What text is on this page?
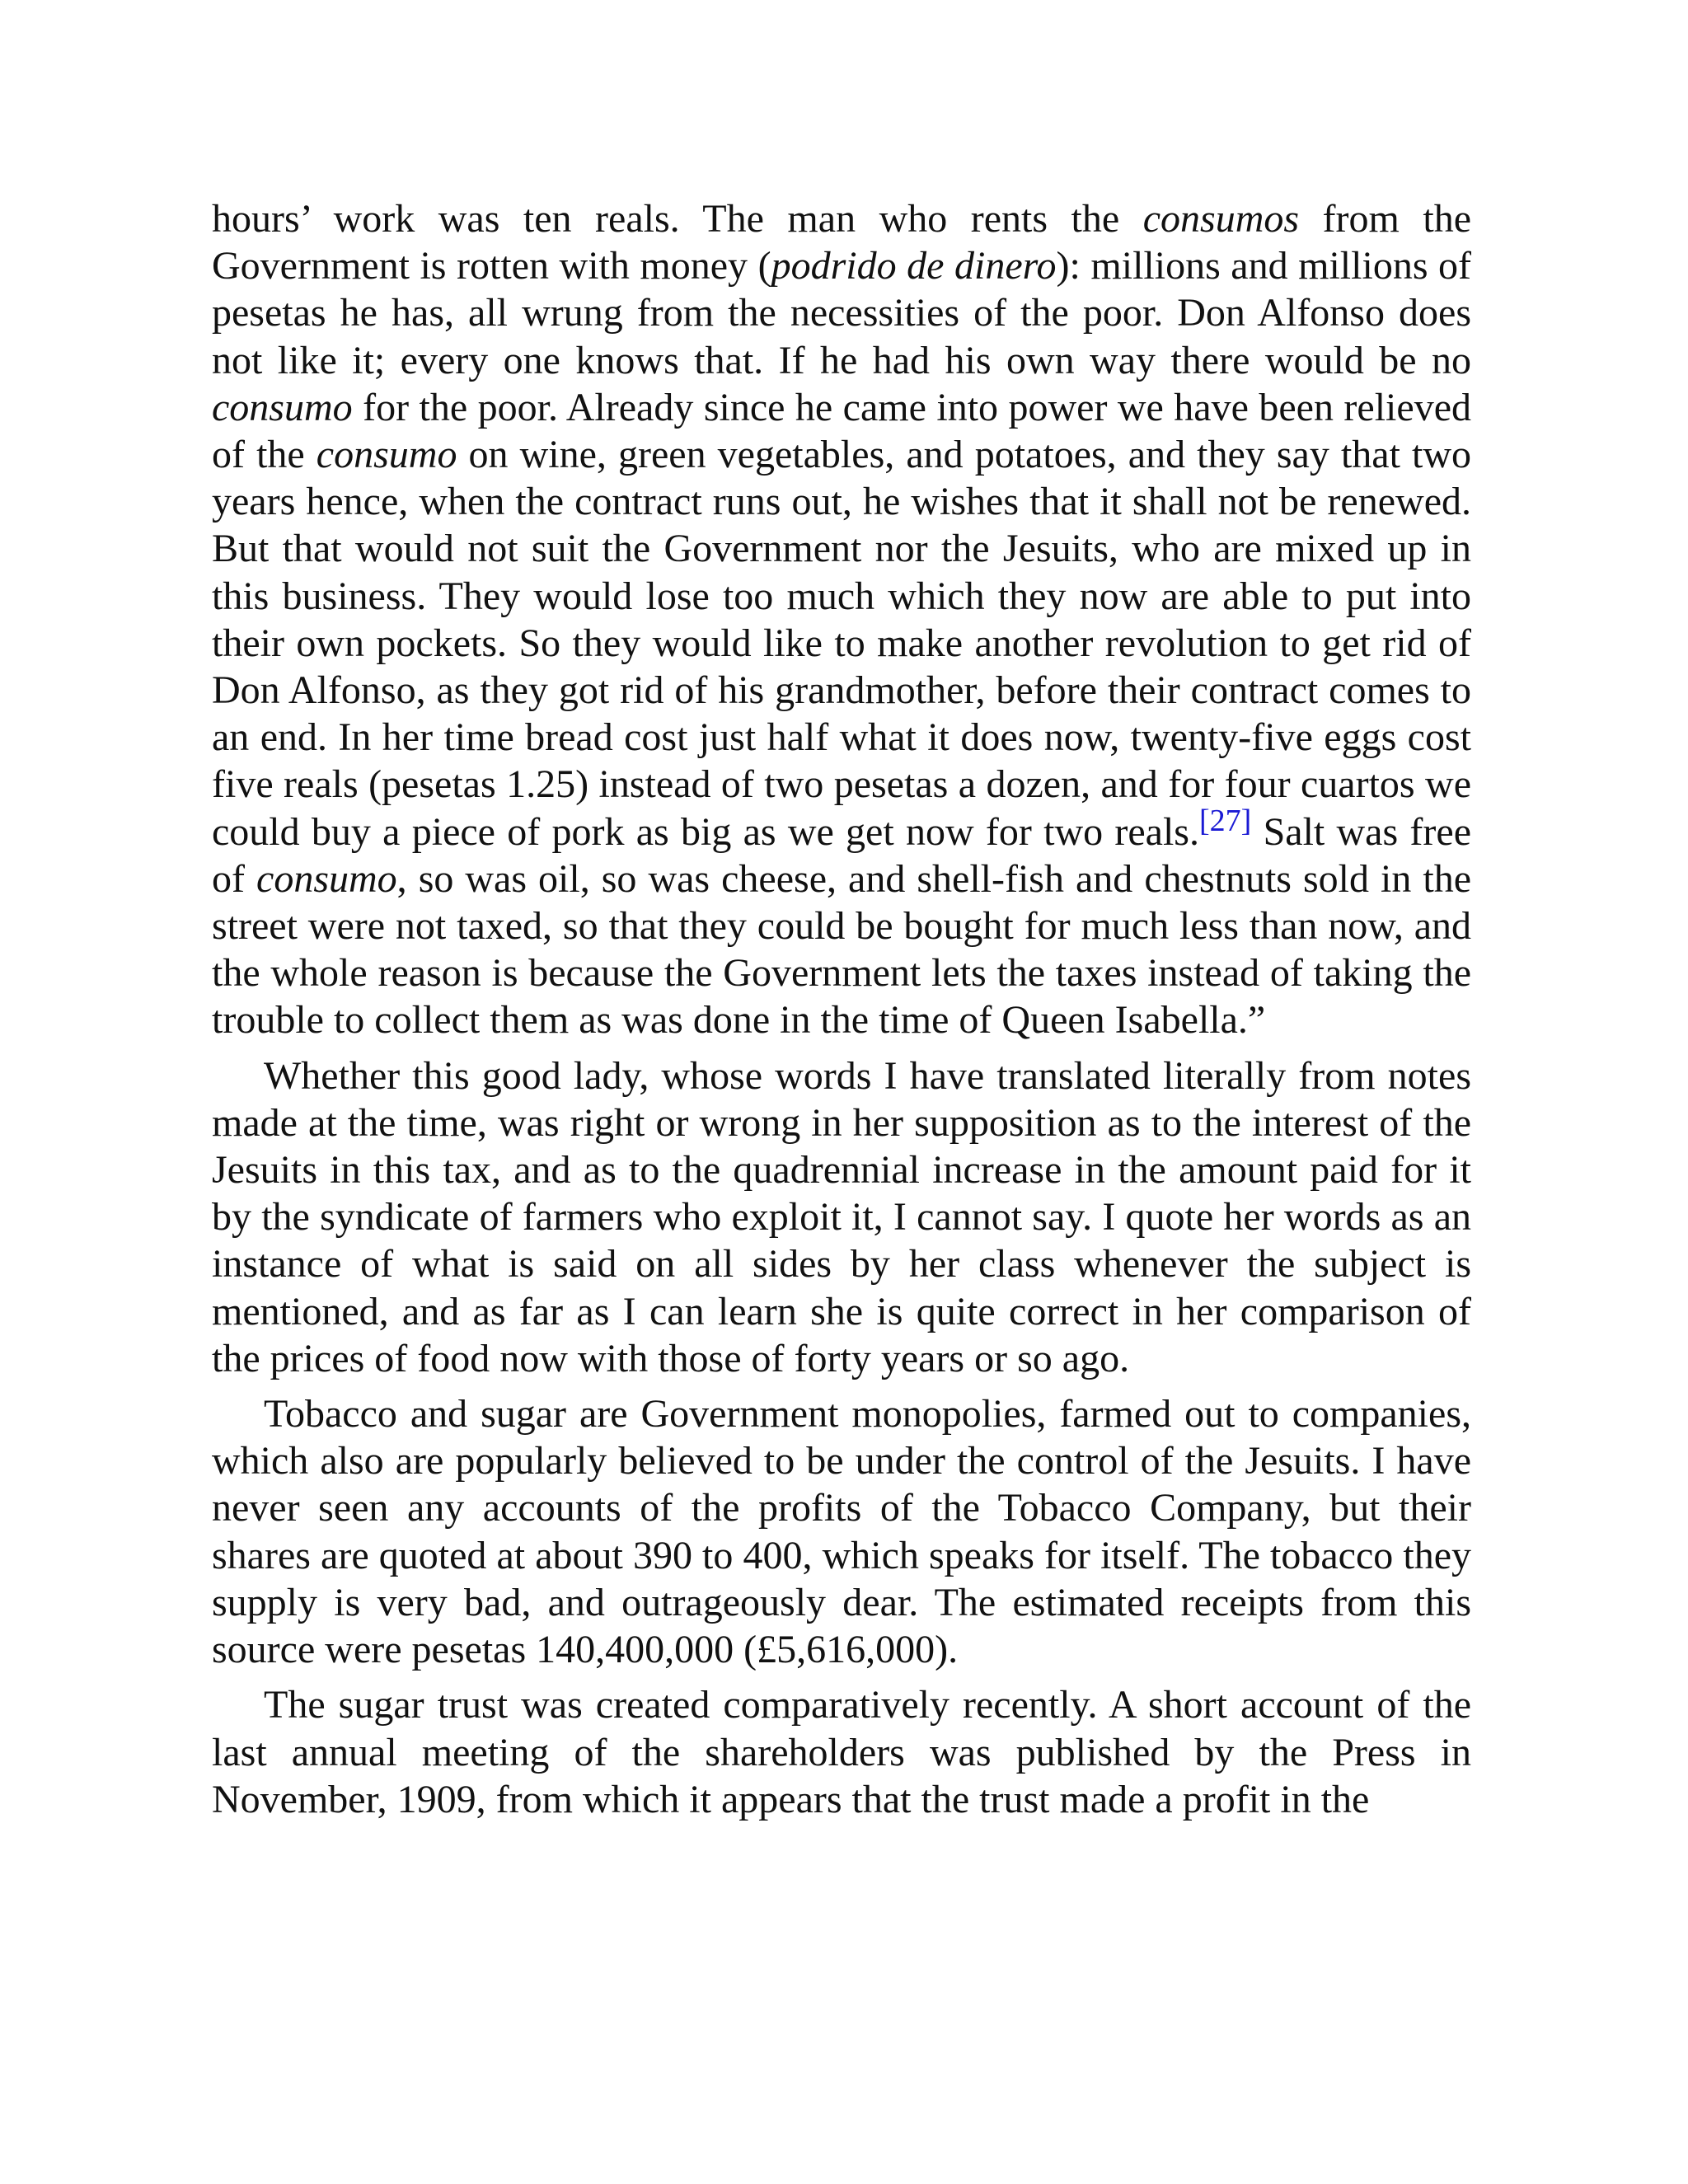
hours’ work was ten reals. The man who rents the consumos from the Government is rotten with money (podrido de dinero): millions and millions of pesetas he has, all wrung from the necessities of the poor. Don Alfonso does not like it; every one knows that. If he had his own way there would be no consumo for the poor. Already since he came into power we have been relieved of the consumo on wine, green vegetables, and potatoes, and they say that two years hence, when the contract runs out, he wishes that it shall not be renewed. But that would not suit the Government nor the Jesuits, who are mixed up in this business. They would lose too much which they now are able to put into their own pockets. So they would like to make another revolution to get rid of Don Alfonso, as they got rid of his grandmother, before their contract comes to an end. In her time bread cost just half what it does now, twenty-five eggs cost five reals (pesetas 1.25) instead of two pesetas a dozen, and for four cuartos we could buy a piece of pork as big as we get now for two reals.[27] Salt was free of consumo, so was oil, so was cheese, and shell-fish and chestnuts sold in the street were not taxed, so that they could be bought for much less than now, and the whole reason is because the Government lets the taxes instead of taking the trouble to collect them as was done in the time of Queen Isabella.”

Whether this good lady, whose words I have translated literally from notes made at the time, was right or wrong in her supposition as to the interest of the Jesuits in this tax, and as to the quadrennial increase in the amount paid for it by the syndicate of farmers who exploit it, I cannot say. I quote her words as an instance of what is said on all sides by her class whenever the subject is mentioned, and as far as I can learn she is quite correct in her comparison of the prices of food now with those of forty years or so ago.

Tobacco and sugar are Government monopolies, farmed out to companies, which also are popularly believed to be under the control of the Jesuits. I have never seen any accounts of the profits of the Tobacco Company, but their shares are quoted at about 390 to 400, which speaks for itself. The tobacco they supply is very bad, and outrageously dear. The estimated receipts from this source were pesetas 140,400,000 (£5,616,000).

The sugar trust was created comparatively recently. A short account of the last annual meeting of the shareholders was published by the Press in November, 1909, from which it appears that the trust made a profit in the
